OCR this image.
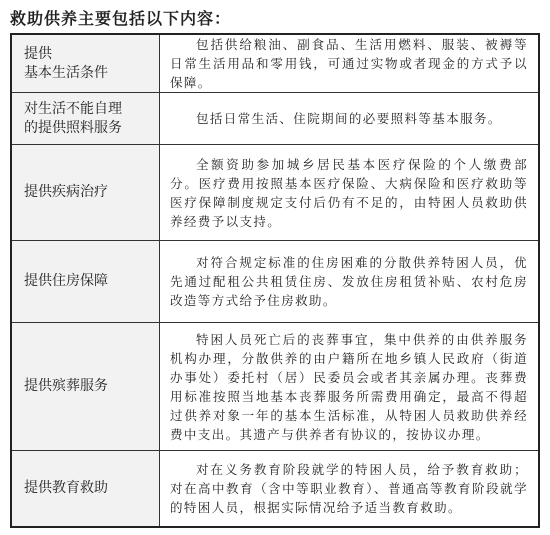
救助供养主要包括以下内容：
提供
基本生活条件	包括供给粮油、副食品、生活用燃料、服装、被褥等日常生活用品和零用钱，可通过实物或者现金的方式予以保障。

对生活不能自理
的提供照料服务	包括日常生活、住院期间的必要照料等基本服务。

提供疾病治疗	全额资助参加城乡居民基本医疗保险的个人缴费部分。医疗费用按照基本医疗保险、大病保险和医疗救助等医疗保障制度规定支付后仍有不足的，由特困人员救助供养经费予以支持。

提供住房保障	对符合规定标准的住房困难的分散供养特困人员，优先通过配租公共租赁住房、发放住房租赁补贴、农村危房改造等方式给予住房救助。

提供殡葬服务	特困人员死亡后的丧葬事宜，集中供养的由供养服务机构办理，分散供养的由户籍所在地乡镇人民政府（街道办事处）委托村（居）民委员会或者其亲属办理。丧葬费用标准按照当地基本丧葬服务所需费用确定，最高不得超过供养对象一年的基本生活标准，从特困人员救助供养经费中支出。其遗产与供养者有协议的，按协议办理。

提供教育救助	对在义务教育阶段就学的特困人员，给予教育救助；对在高中教育（含中等职业教育）、普通高等教育阶段就学的特困人员，根据实际情况给予适当教育救助。
